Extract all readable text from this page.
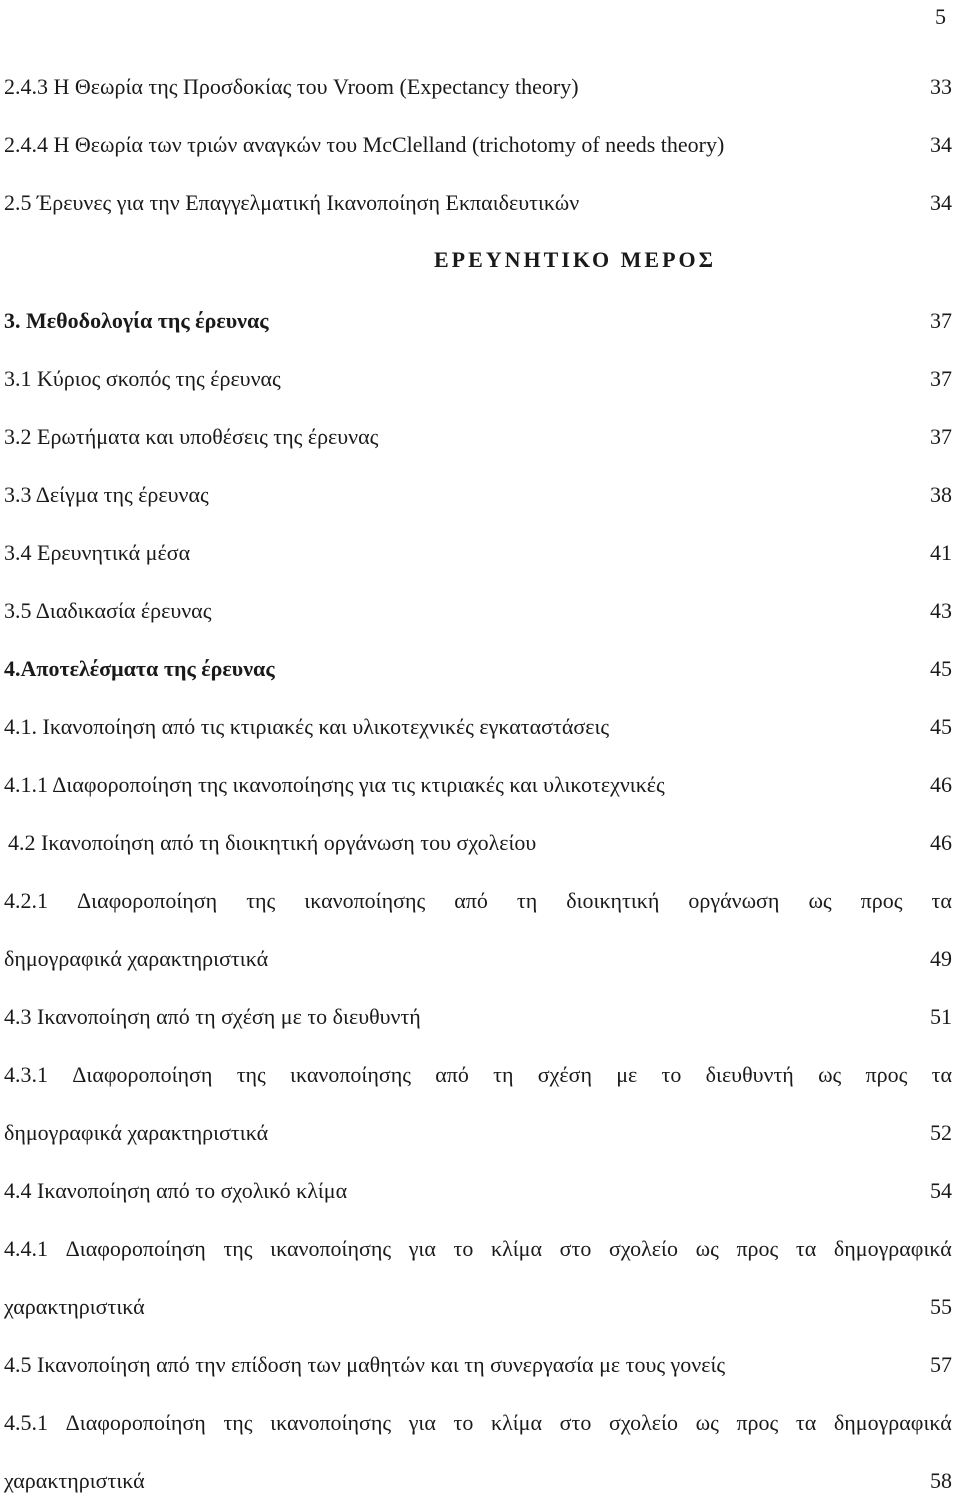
5
2.4.3 Η Θεωρία της Προσδοκίας του Vroom (Expectancy theory)	33
2.4.4 Η Θεωρία των τριών αναγκών του McClelland (trichotomy of needs theory)	34
2.5 Έρευνες για την Επαγγελματική Ικανοποίηση Εκπαιδευτικών	34
ΕΡΕΥΝΗΤΙΚΟ ΜΕΡΟΣ
3. Μεθοδολογία της έρευνας	37
3.1 Κύριος σκοπός της έρευνας	37
3.2 Ερωτήματα και υποθέσεις της έρευνας	37
3.3 Δείγμα της έρευνας	38
3.4 Ερευνητικά μέσα	41
3.5 Διαδικασία έρευνας	43
4.Αποτελέσματα της έρευνας	45
4.1. Ικανοποίηση από τις κτιριακές και υλικοτεχνικές εγκαταστάσεις	45
4.1.1 Διαφοροποίηση της ικανοποίησης για τις κτιριακές και υλικοτεχνικές	46
4.2 Ικανοποίηση από τη διοικητική οργάνωση του σχολείου	46
4.2.1 Διαφοροποίηση της ικανοποίησης από τη διοικητική οργάνωση ως προς τα
δημογραφικά χαρακτηριστικά	49
4.3 Ικανοποίηση από τη σχέση με το διευθυντή	51
4.3.1 Διαφοροποίηση της ικανοποίησης από τη σχέση με το διευθυντή ως προς τα
δημογραφικά χαρακτηριστικά	52
4.4 Ικανοποίηση από το σχολικό κλίμα	54
4.4.1 Διαφοροποίηση της ικανοποίησης για το κλίμα στο σχολείο ως προς τα δημογραφικά
χαρακτηριστικά	55
4.5 Ικανοποίηση από την επίδοση των μαθητών και τη συνεργασία με τους γονείς	57
4.5.1 Διαφοροποίηση της ικανοποίησης για το κλίμα στο σχολείο ως προς τα δημογραφικά
χαρακτηριστικά	58
